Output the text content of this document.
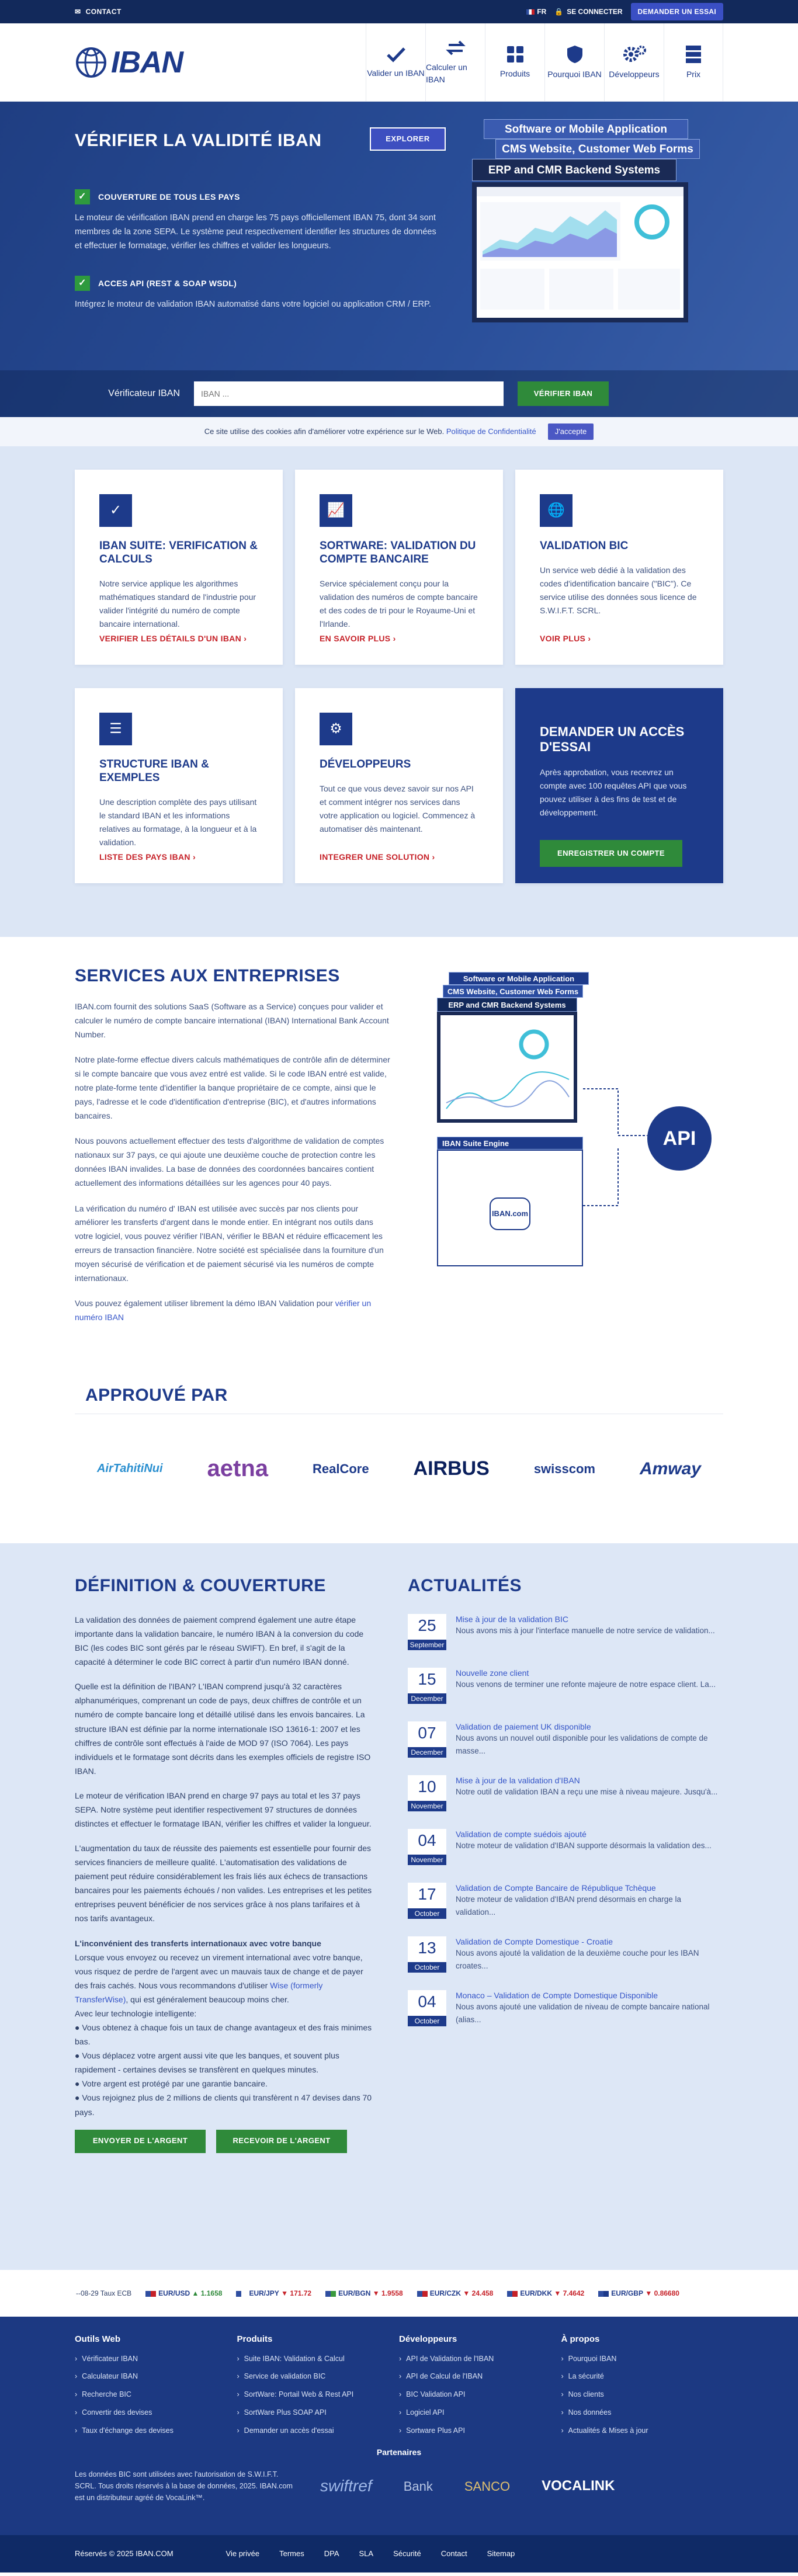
✉ CONTACT	FR 🔒 SE CONNECTER	DEMANDER UN ESSAI
IBAN	Valider un IBAN
Calculer un IBAN
Produits Pourquoi IBAN Développeurs	Prix
VÉRIFIER LA VALIDITÉ IBAN	EXPLORER
✓	COUVERTURE DE TOUS LES PAYS

Le moteur de vérification IBAN prend en charge les 75 pays officiellement IBAN 75, dont 34 sont membres de la zone SEPA. Le système peut respectivement identifier les structures de données et effectuer le formatage, vérifier les chiffres et valider les longueurs.

✓	ACCES API (REST & SOAP WSDL)

Intégrez le moteur de validation IBAN automatisé dans votre logiciel ou application CRM / ERP.

Software or Mobile Application
CMS Website, Customer Web Forms
ERP and CMR Backend Systems
Vérificateur IBAN
IBAN ...	VÉRIFIER IBAN
Ce site utilise des cookies afin d'améliorer votre expérience sur le Web. Politique de Confidentialité	J'accepte
✓
IBAN SUITE: VERIFICATION & CALCULS

Notre service applique les algorithmes mathématiques standard de l'industrie pour valider l'intégrité du numéro de compte bancaire international.

VERIFIER LES DÉTAILS D'UN IBAN ›
📈
SORTWARE: VALIDATION DU COMPTE BANCAIRE

Service spécialement conçu pour la validation des numéros de compte bancaire et des codes de tri pour le Royaume-Uni et l'Irlande.

EN SAVOIR PLUS ›
🌐
VALIDATION BIC

Un service web dédié à la validation des codes d'identification bancaire ("BIC"). Ce service utilise des données sous licence de S.W.I.F.T. SCRL.

VOIR PLUS ›
☰
STRUCTURE IBAN & EXEMPLES

Une description complète des pays utilisant le standard IBAN et les informations relatives au formatage, à la longueur et à la validation.

LISTE DES PAYS IBAN ›
⚙
DÉVELOPPEURS

Tout ce que vous devez savoir sur nos API et comment intégrer nos services dans votre application ou logiciel. Commencez à automatiser dès maintenant.

INTEGRER UNE SOLUTION ›
DEMANDER UN ACCÈS D'ESSAI

Après approbation, vous recevrez un compte avec 100 requêtes API que vous pouvez utiliser à des fins de test et de développement.

ENREGISTRER UN COMPTE
SERVICES AUX ENTREPRISES

IBAN.com fournit des solutions SaaS (Software as a Service) conçues pour valider et calculer le numéro de compte bancaire international (IBAN) International Bank Account Number.

Notre plate-forme effectue divers calculs mathématiques de contrôle afin de déterminer si le compte bancaire que vous avez entré est valide. Si le code IBAN entré est valide, notre plate-forme tente d'identifier la banque propriétaire de ce compte, ainsi que le pays, l'adresse et le code d'identification d'entreprise (BIC), et d'autres informations bancaires.

Nous pouvons actuellement effectuer des tests d'algorithme de validation de comptes nationaux sur 37 pays, ce qui ajoute une deuxième couche de protection contre les données IBAN invalides. La base de données des coordonnées bancaires contient actuellement des informations détaillées sur les agences pour 40 pays.

La vérification du numéro d' IBAN est utilisée avec succès par nos clients pour améliorer les transferts d'argent dans le monde entier. En intégrant nos outils dans votre logiciel, vous pouvez vérifier l'IBAN, vérifier le BBAN et réduire efficacement les erreurs de transaction financière. Notre société est spécialisée dans la fourniture d'un moyen sécurisé de vérification et de paiement sécurisé via les numéros de compte internationaux.

Vous pouvez également utiliser librement la démo IBAN Validation pour vérifier un numéro IBAN

Software or Mobile Application
CMS Website, Customer Web Forms
ERP and CMR Backend Systems
IBAN Suite Engine
IBAN.com
API
APPROUVÉ PAR
AirTahitiNui aetna	RealCore AIRBUS	swisscom	Amway
DÉFINITION & COUVERTURE

La validation des données de paiement comprend également une autre étape importante dans la validation bancaire, le numéro IBAN à la conversion du code BIC (les codes BIC sont gérés par le réseau SWIFT). En bref, il s'agit de la capacité à déterminer le code BIC correct à partir d'un numéro IBAN donné.

Quelle est la définition de l'IBAN? L'IBAN comprend jusqu'à 32 caractères alphanumériques, comprenant un code de pays, deux chiffres de contrôle et un numéro de compte bancaire long et détaillé utilisé dans les envois bancaires. La structure IBAN est définie par la norme internationale ISO 13616-1: 2007 et les chiffres de contrôle sont effectués à l'aide de MOD 97 (ISO 7064). Les pays individuels et le formatage sont décrits dans les exemples officiels de registre ISO IBAN.

Le moteur de vérification IBAN prend en charge 97 pays au total et les 37 pays SEPA. Notre système peut identifier respectivement 97 structures de données distinctes et effectuer le formatage IBAN, vérifier les chiffres et valider la longueur.

L'augmentation du taux de réussite des paiements est essentielle pour fournir des services financiers de meilleure qualité. L'automatisation des validations de paiement peut réduire considérablement les frais liés aux échecs de transactions bancaires pour les paiements échoués / non valides. Les entreprises et les petites entreprises peuvent bénéficier de nos services grâce à nos plans tarifaires et à nos tarifs avantageux.

L'inconvénient des transferts internationaux avec votre banque
Lorsque vous envoyez ou recevez un virement international avec votre banque, vous risquez de perdre de l'argent avec un mauvais taux de change et de payer des frais cachés. Nous vous recommandons d'utiliser Wise (formerly TransferWise), qui est généralement beaucoup moins cher.
Avec leur technologie intelligente:
● Vous obtenez à chaque fois un taux de change avantageux et des frais minimes bas.
● Vous déplacez votre argent aussi vite que les banques, et souvent plus rapidement - certaines devises se transfèrent en quelques minutes.
● Votre argent est protégé par une garantie bancaire.
● Vous rejoignez plus de 2 millions de clients qui transfèrent n 47 devises dans 70 pays.

ENVOYER DE L'ARGENT	RECEVOIR DE L'ARGENT
ACTUALITÉS
25
September
Mise à jour de la validation BIC
Nous avons mis à jour l'interface manuelle de notre service de validation...
15
December
Nouvelle zone client
Nous venons de terminer une refonte majeure de notre espace client. La...
07
December
Validation de paiement UK disponible
Nous avons un nouvel outil disponible pour les validations de compte de masse...
10
November
Mise à jour de la validation d'IBAN
Notre outil de validation IBAN a reçu une mise à niveau majeure. Jusqu'à...
04
November
Validation de compte suédois ajouté
Notre moteur de validation d'IBAN supporte désormais la validation des...
17
October
Validation de Compte Bancaire de République Tchèque
Notre moteur de validation d'IBAN prend désormais en charge la validation...
13
October
Validation de Compte Domestique - Croatie
Nous avons ajouté la validation de la deuxième couche pour les IBAN croates...
04
October
Monaco – Validation de Compte Domestique Disponible
Nous avons ajouté une validation de niveau de compte bancaire national (alias...
--08-29 Taux ECB	EUR/USD ▲ 1.1658	EUR/JPY ▼ 171.72	EUR/BGN ▼ 1.9558	EUR/CZK ▼ 24.458	EUR/DKK ▼ 7.4642	EUR/GBP ▼ 0.86680
Outils Web
› Vérificateur IBAN
› Calculateur IBAN
› Recherche BIC
› Convertir des devises
› Taux d'échange des devises
Produits
› Suite IBAN: Validation & Calcul
› Service de validation BIC
› SortWare: Portail Web & Rest API
› SortWare Plus SOAP API
› Demander un accès d'essai
Développeurs
› API de Validation de l'IBAN
› API de Calcul de l'IBAN
› BIC Validation API
› Logiciel API
› Sortware Plus API
À propos
› Pourquoi IBAN
› La sécurité
› Nos clients
› Nos données
› Actualités & Mises à jour
Partenaires
Les données BIC sont utilisées avec l'autorisation de S.W.I.F.T. SCRL. Tous droits réservés à la base de données, 2025. IBAN.com est un distributeur agréé de VocaLink™.
swiftref Bank SANCO VOCALINK
Réservés © 2025 IBAN.COM	Vie privée	Termes	DPA	SLA	Sécurité	Contact	Sitemap
